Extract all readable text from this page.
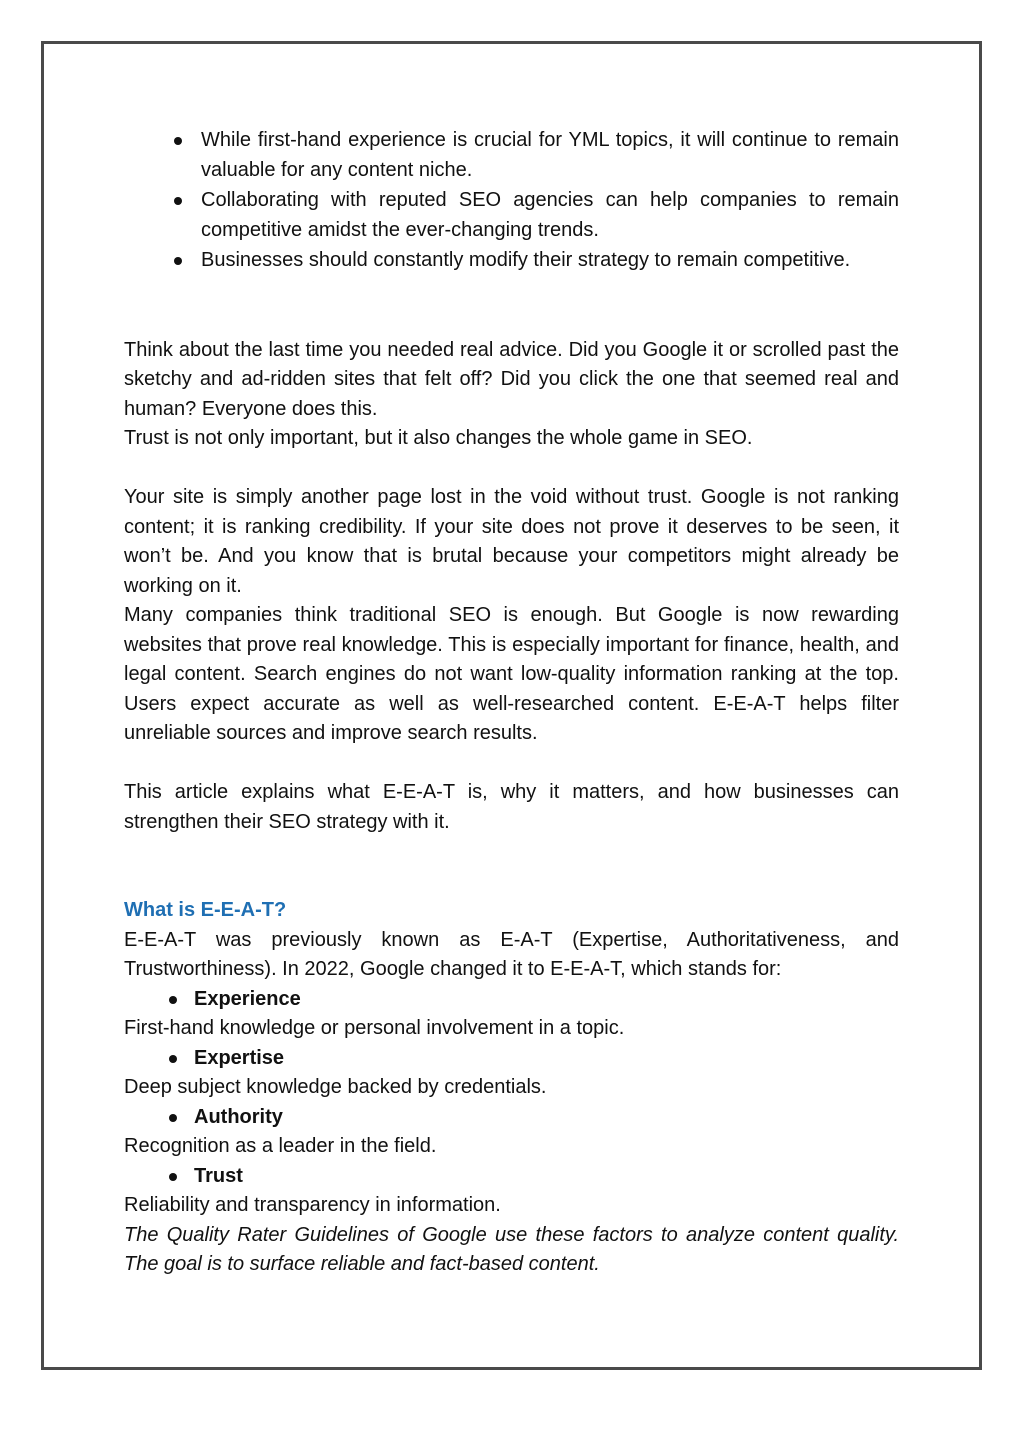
While first-hand experience is crucial for YML topics, it will continue to remain valuable for any content niche.
Collaborating with reputed SEO agencies can help companies to remain competitive amidst the ever-changing trends.
Businesses should constantly modify their strategy to remain competitive.

Think about the last time you needed real advice. Did you Google it or scrolled past the sketchy and ad-ridden sites that felt off? Did you click the one that seemed real and human? Everyone does this.

Trust is not only important, but it also changes the whole game in SEO.

Your site is simply another page lost in the void without trust. Google is not ranking content; it is ranking credibility. If your site does not prove it deserves to be seen, it won’t be. And you know that is brutal because your competitors might already be working on it.

Many companies think traditional SEO is enough. But Google is now rewarding websites that prove real knowledge. This is especially important for finance, health, and legal content. Search engines do not want low-quality information ranking at the top. Users expect accurate as well as well-researched content. E-E-A-T helps filter unreliable sources and improve search results.

This article explains what E-E-A-T is, why it matters, and how businesses can strengthen their SEO strategy with it.

What is E-E-A-T?

E-E-A-T was previously known as E-A-T (Expertise, Authoritativeness, and Trustworthiness). In 2022, Google changed it to E-E-A-T, which stands for:

Experience

First-hand knowledge or personal involvement in a topic.

Expertise

Deep subject knowledge backed by credentials.

Authority

Recognition as a leader in the field.

Trust

Reliability and transparency in information.

The Quality Rater Guidelines of Google use these factors to analyze content quality. The goal is to surface reliable and fact-based content.
